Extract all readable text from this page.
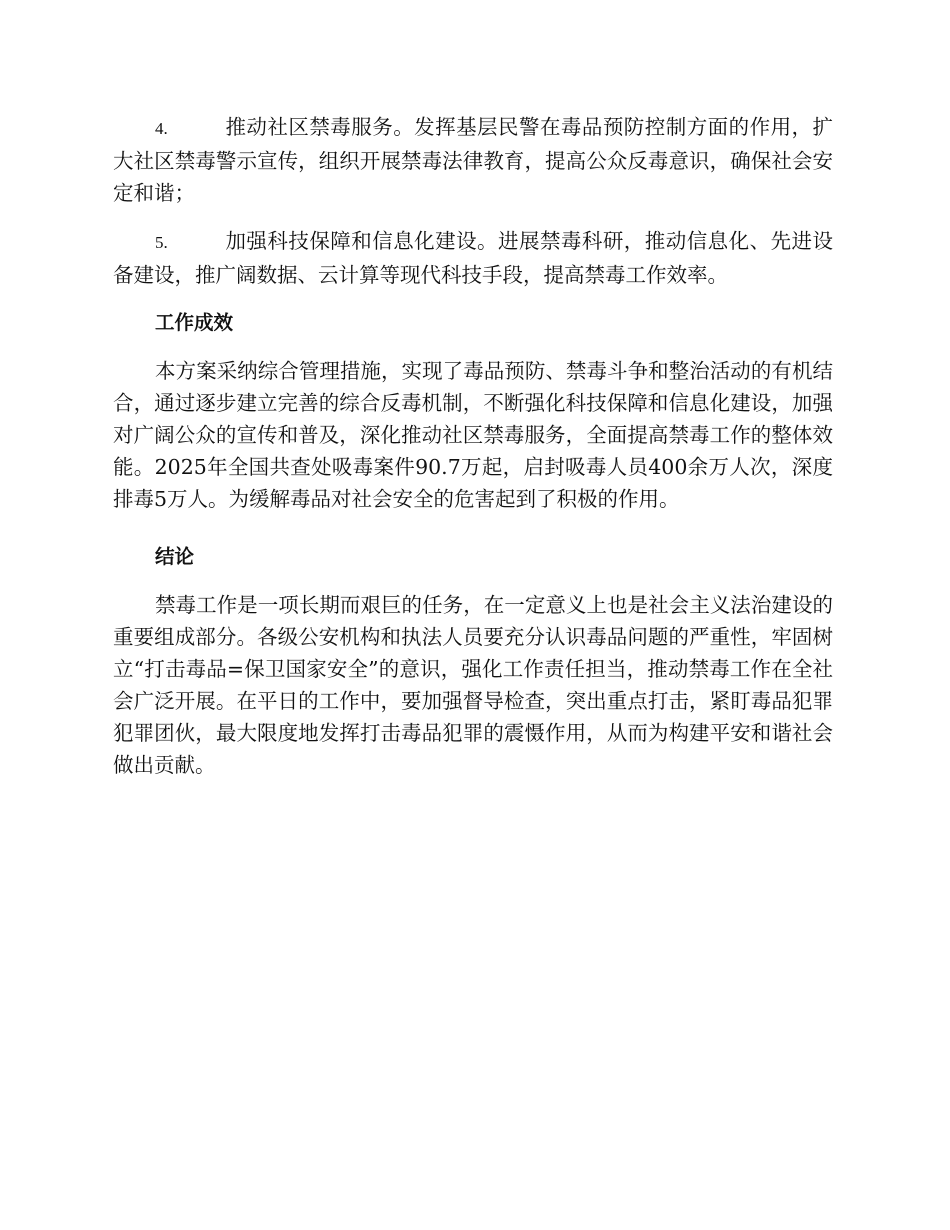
4.	推动社区禁毒服务。发挥基层民警在毒品预防控制方面的作用，扩大社区禁毒警示宣传，组织开展禁毒法律教育，提高公众反毒意识，确保社会安定和谐；

5.	加强科技保障和信息化建设。进展禁毒科研，推动信息化、先进设备建设，推广阔数据、云计算等现代科技手段，提高禁毒工作效率。

工作成效

本方案采纳综合管理措施，实现了毒品预防、禁毒斗争和整治活动的有机结合，通过逐步建立完善的综合反毒机制，不断强化科技保障和信息化建设，加强对广阔公众的宣传和普及，深化推动社区禁毒服务，全面提高禁毒工作的整体效能。2025年全国共查处吸毒案件90.7万起，启封吸毒人员400余万人次，深度排毒5万人。为缓解毒品对社会安全的危害起到了积极的作用。

结论

禁毒工作是一项长期而艰巨的任务，在一定意义上也是社会主义法治建设的重要组成部分。各级公安机构和执法人员要充分认识毒品问题的严重性，牢固树立“打击毒品=保卫国家安全”的意识，强化工作责任担当，推动禁毒工作在全社会广泛开展。在平日的工作中，要加强督导检查，突出重点打击，紧盯毒品犯罪犯罪团伙，最大限度地发挥打击毒品犯罪的震慑作用，从而为构建平安和谐社会做出贡献。
